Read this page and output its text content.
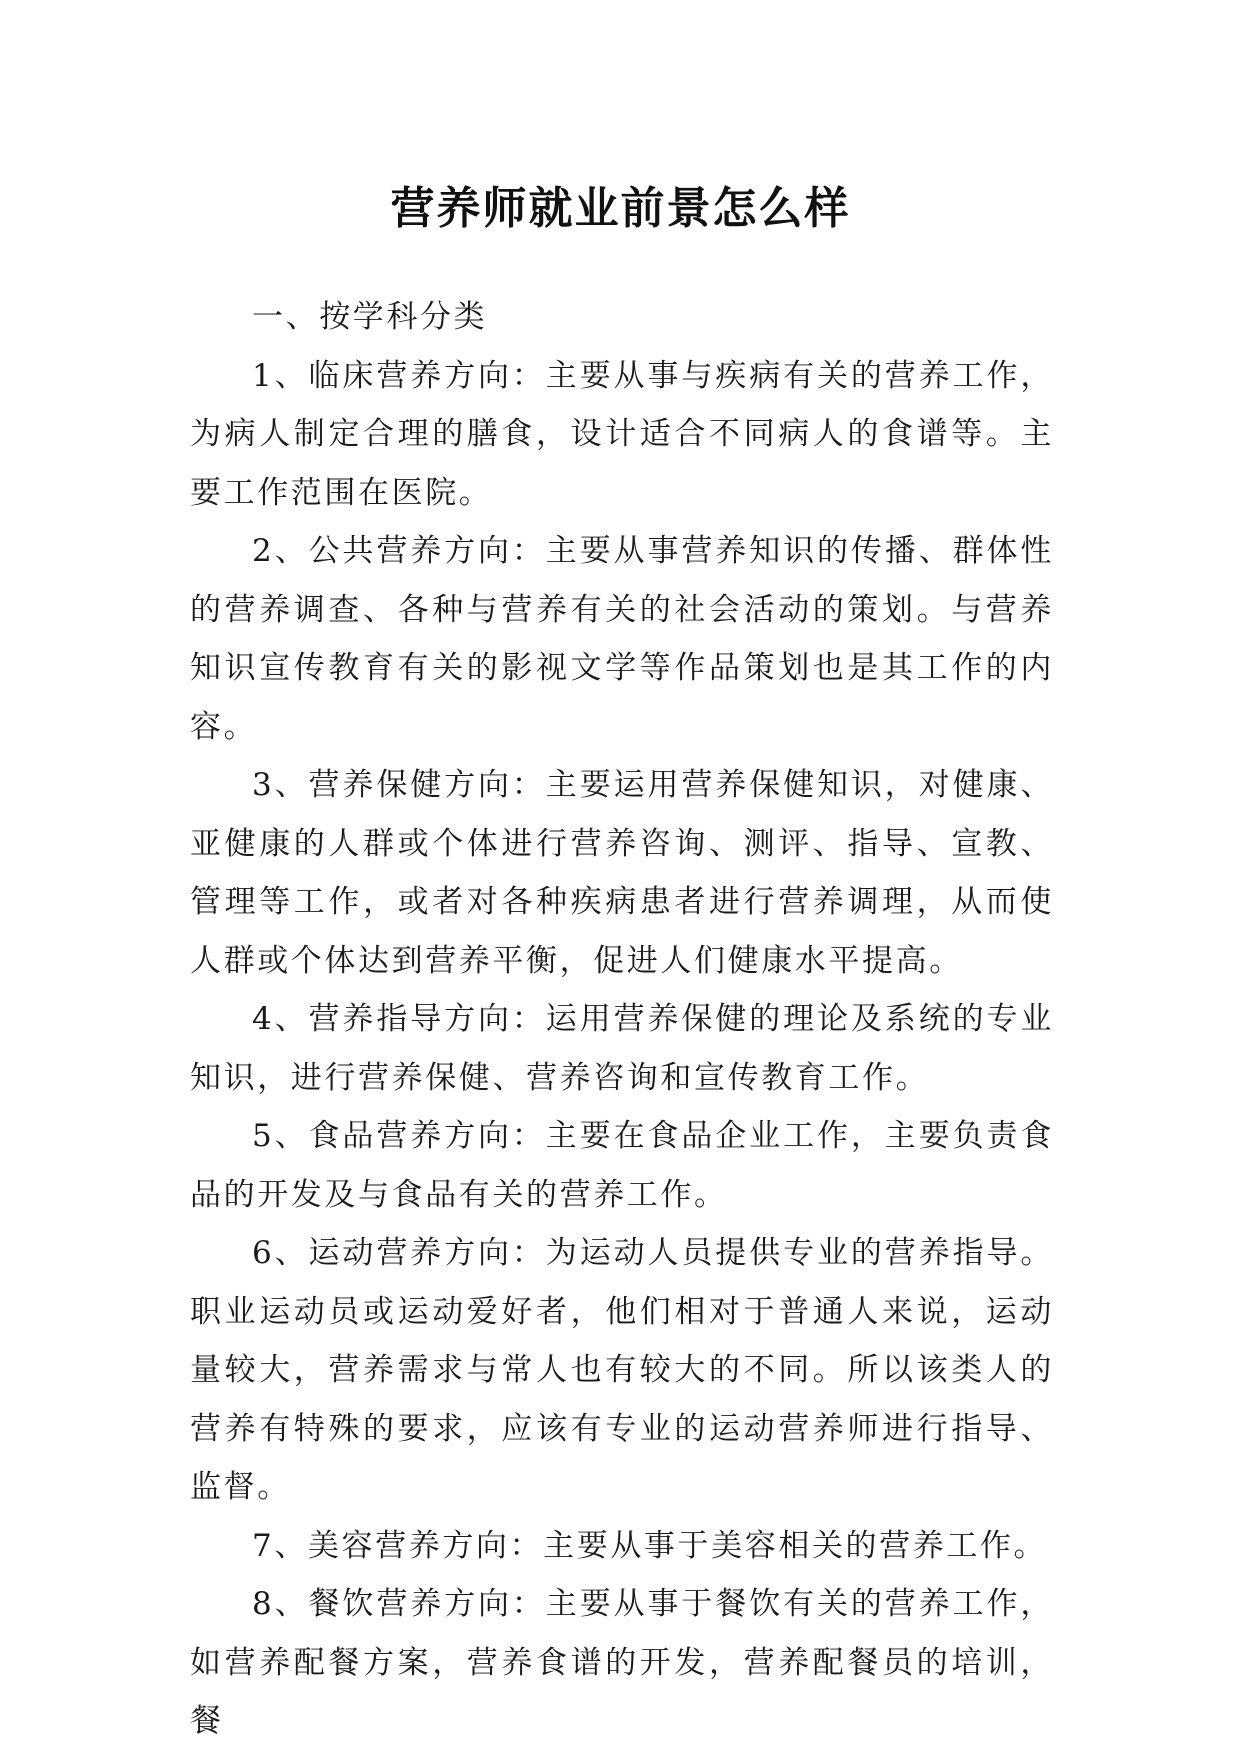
营养师就业前景怎么样

一、按学科分类

1、临床营养方向：主要从事与疾病有关的营养工作，为病人制定合理的膳食，设计适合不同病人的食谱等。主要工作范围在医院。

2、公共营养方向：主要从事营养知识的传播、群体性的营养调查、各种与营养有关的社会活动的策划。与营养知识宣传教育有关的影视文学等作品策划也是其工作的内容。

3、营养保健方向：主要运用营养保健知识，对健康、亚健康的人群或个体进行营养咨询、测评、指导、宣教、管理等工作，或者对各种疾病患者进行营养调理，从而使人群或个体达到营养平衡，促进人们健康水平提高。

4、营养指导方向：运用营养保健的理论及系统的专业知识，进行营养保健、营养咨询和宣传教育工作。

5、食品营养方向：主要在食品企业工作，主要负责食品的开发及与食品有关的营养工作。

6、运动营养方向：为运动人员提供专业的营养指导。职业运动员或运动爱好者，他们相对于普通人来说，运动量较大，营养需求与常人也有较大的不同。所以该类人的营养有特殊的要求，应该有专业的运动营养师进行指导、监督。

7、美容营养方向：主要从事于美容相关的营养工作。

8、餐饮营养方向：主要从事于餐饮有关的营养工作，如营养配餐方案，营养食谱的开发，营养配餐员的培训，餐
